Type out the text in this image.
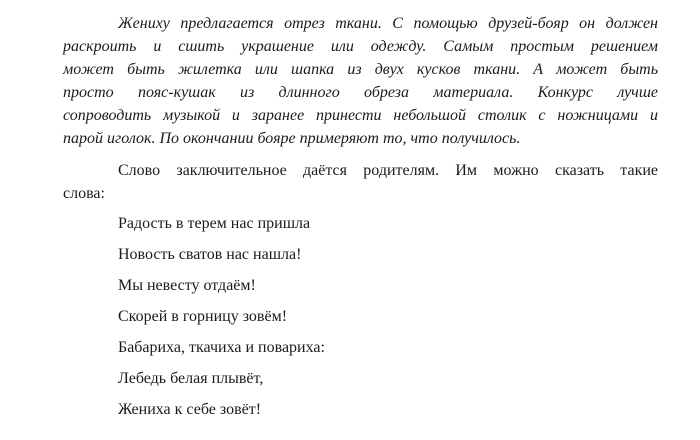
Жениху предлагается отрез ткани. С помощью друзей-бояр он должен
раскроить и сшить украшение или одежду. Самым простым решением
может быть жилетка или шапка из двух кусков ткани. А может быть
просто пояс-кушак из длинного обреза материала. Конкурс лучше
сопроводить музыкой и заранее принести небольшой столик с ножницами и
парой иголок. По окончании бояре примеряют то, что получилось.
Слово заключительное даётся родителям. Им можно сказать такие
слова:
Радость в терем нас пришла
Новость сватов нас нашла!
Мы невесту отдаём!
Скорей в горницу зовём!
Бабариха, ткачиха и повариха:
Лебедь белая плывёт,
Жениха к себе зовёт!
